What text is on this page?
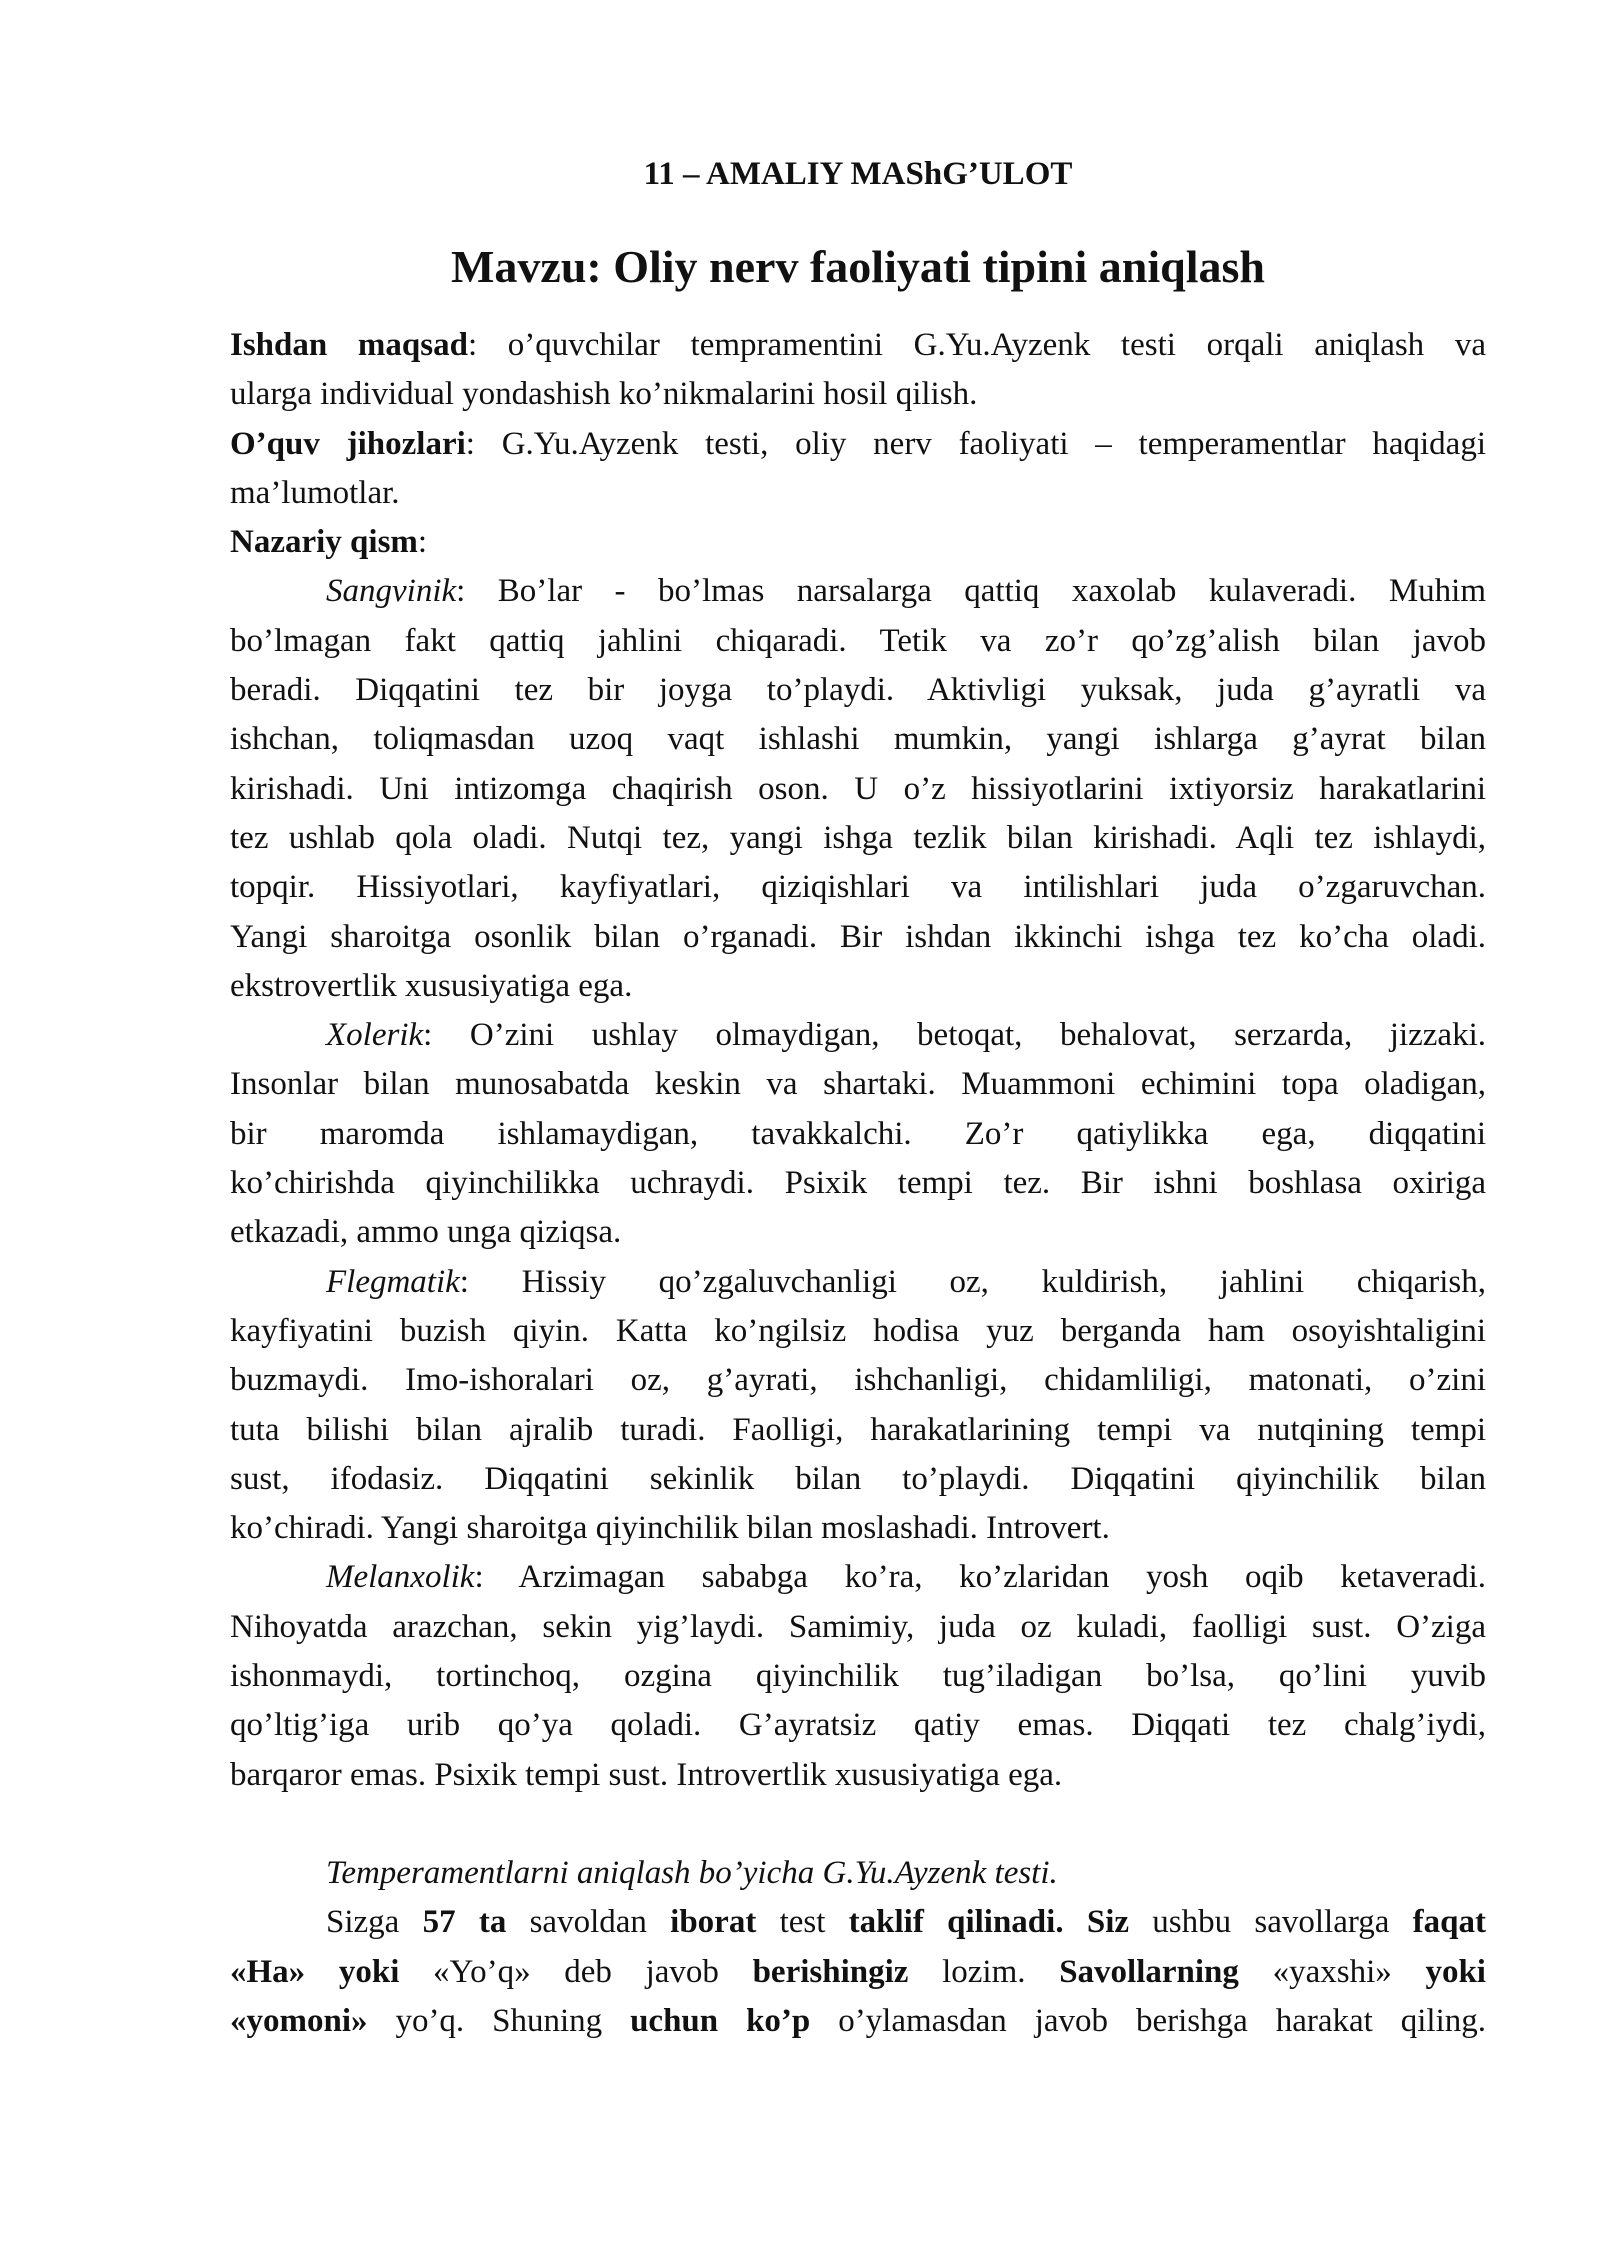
11 – AMALIY MAShG’ULOT
Mavzu: Oliy nerv faoliyati tipini aniqlash
Ishdan maqsad: o’quvchilar tempramentini G.Yu.Ayzenk testi orqali aniqlash va
ularga individual yondashish ko’nikmalarini hosil qilish.
O’quv jihozlari: G.Yu.Ayzenk testi, oliy nerv faoliyati – temperamentlar haqidagi
ma’lumotlar.
Nazariy qism:
Sangvinik: Bo’lar - bo’lmas narsalarga qattiq xaxolab kulaveradi. Muhim
bo’lmagan fakt qattiq jahlini chiqaradi. Tetik va zo’r qo’zg’alish bilan javob
beradi. Diqqatini tez bir joyga to’playdi. Aktivligi yuksak, juda g’ayratli va
ishchan, toliqmasdan uzoq vaqt ishlashi mumkin, yangi ishlarga g’ayrat bilan
kirishadi. Uni intizomga chaqirish oson. U o’z hissiyotlarini ixtiyorsiz harakatlarini
tez ushlab qola oladi. Nutqi tez, yangi ishga tezlik bilan kirishadi. Aqli tez ishlaydi,
topqir. Hissiyotlari, kayfiyatlari, qiziqishlari va intilishlari juda o’zgaruvchan.
Yangi sharoitga osonlik bilan o’rganadi. Bir ishdan ikkinchi ishga tez ko’cha oladi.
ekstrovertlik xususiyatiga ega.
Xolerik: O’zini ushlay olmaydigan, betoqat, behalovat, serzarda, jizzaki.
Insonlar bilan munosabatda keskin va shartaki. Muammoni echimini topa oladigan,
bir maromda ishlamaydigan, tavakkalchi. Zo’r qatiylikka ega, diqqatini
ko’chirishda qiyinchilikka uchraydi. Psixik tempi tez. Bir ishni boshlasa oxiriga
etkazadi, ammo unga qiziqsa.
Flegmatik: Hissiy qo’zgaluvchanligi oz, kuldirish, jahlini chiqarish,
kayfiyatini buzish qiyin. Katta ko’ngilsiz hodisa yuz berganda ham osoyishtaligini
buzmaydi. Imo-ishoralari oz, g’ayrati, ishchanligi, chidamliligi, matonati, o’zini
tuta bilishi bilan ajralib turadi. Faolligi, harakatlarining tempi va nutqining tempi
sust, ifodasiz. Diqqatini sekinlik bilan to’playdi. Diqqatini qiyinchilik bilan
ko’chiradi. Yangi sharoitga qiyinchilik bilan moslashadi. Introvert.
Melanxolik: Arzimagan sababga ko’ra, ko’zlaridan yosh oqib ketaveradi.
Nihoyatda arazchan, sekin yig’laydi. Samimiy, juda oz kuladi, faolligi sust. O’ziga
ishonmaydi, tortinchoq, ozgina qiyinchilik tug’iladigan bo’lsa, qo’lini yuvib
qo’ltig’iga urib qo’ya qoladi. G’ayratsiz qatiy emas. Diqqati tez chalg’iydi,
barqaror emas. Psixik tempi sust. Introvertlik xususiyatiga ega.
Temperamentlarni aniqlash bo’yicha G.Yu.Ayzenk testi.
Sizga 57 ta savoldan iborat test taklif qilinadi. Siz ushbu savollarga faqat
«Ha» yoki «Yo’q» deb javob berishingiz lozim. Savollarning «yaxshi» yoki
«yomoni» yo’q. Shuning uchun ko’p o’ylamasdan javob berishga harakat qiling.
